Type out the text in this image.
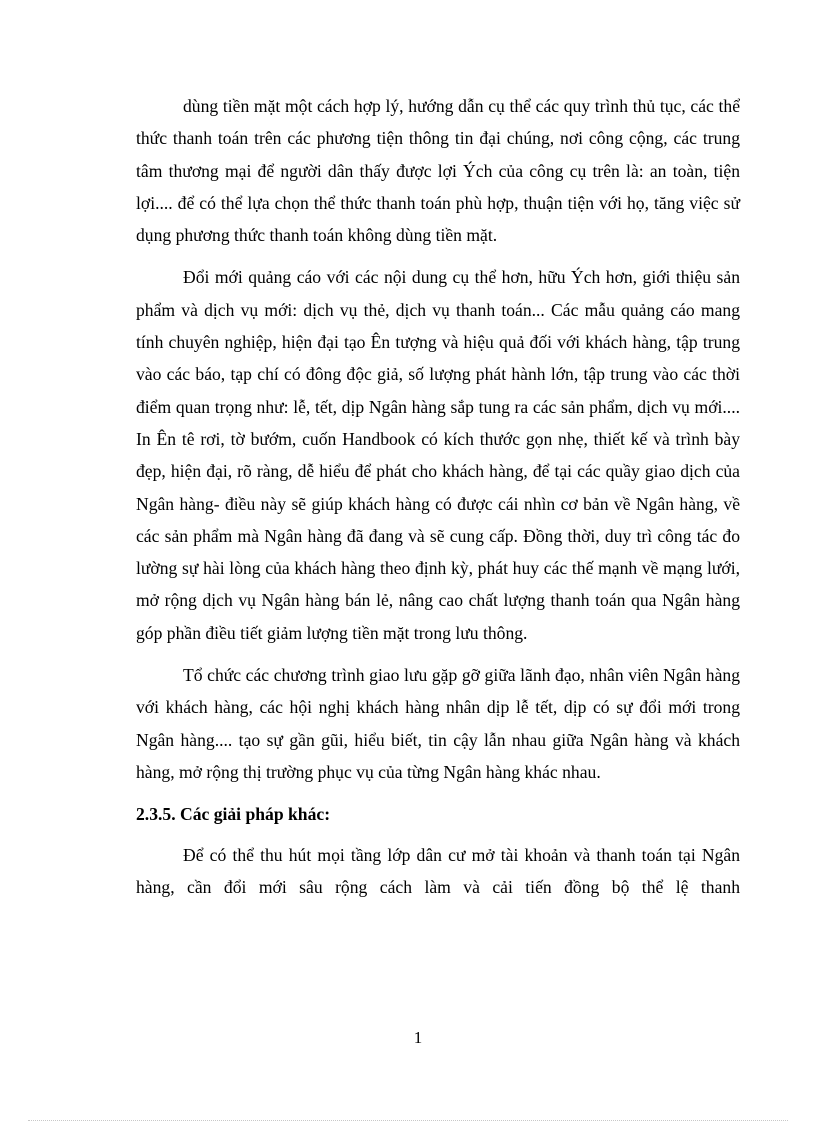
dùng tiền mặt một cách hợp lý, hướng dẫn cụ thể các quy trình thủ tục, các thể thức thanh toán trên các phương tiện thông tin đại chúng, nơi công cộng, các trung tâm thương mại để người dân thấy được lợi Ých của công cụ trên là: an toàn, tiện lợi.... để có thể lựa chọn thể thức thanh toán phù hợp, thuận tiện với họ, tăng việc sử dụng phương thức thanh toán không dùng tiền mặt.

Đổi mới quảng cáo với các nội dung cụ thể hơn, hữu Ých hơn, giới thiệu sản phẩm và dịch vụ mới: dịch vụ thẻ, dịch vụ thanh toán... Các mẫu quảng cáo mang tính chuyên nghiệp, hiện đại tạo Ên tượng và hiệu quả đối với khách hàng, tập trung vào các báo, tạp chí có đông độc giả, số lượng phát hành lớn, tập trung vào các thời điểm quan trọng như: lễ, tết, dịp Ngân hàng sắp tung ra các sản phẩm, dịch vụ mới.... In Ên tê rơi, tờ bướm, cuốn Handbook có kích thước gọn nhẹ, thiết kế và trình bày đẹp, hiện đại, rõ ràng, dễ hiểu để phát cho khách hàng, để tại các quầy giao dịch của Ngân hàng- điều này sẽ giúp khách hàng có được cái nhìn cơ bản về Ngân hàng, về các sản phẩm mà Ngân hàng đã đang và sẽ cung cấp. Đồng thời, duy trì công tác đo lường sự hài lòng của khách hàng theo định kỳ, phát huy các thế mạnh về mạng lưới, mở rộng dịch vụ Ngân hàng bán lẻ, nâng cao chất lượng thanh toán qua Ngân hàng góp phần điều tiết giảm lượng tiền mặt trong lưu thông.

Tổ chức các chương trình giao lưu gặp gỡ giữa lãnh đạo, nhân viên Ngân hàng với khách hàng, các hội nghị khách hàng nhân dịp lễ tết, dịp có sự đổi mới trong Ngân hàng.... tạo sự gần gũi, hiểu biết, tin cậy lẫn nhau giữa Ngân hàng và khách hàng, mở rộng thị trường phục vụ của từng Ngân hàng khác nhau.

2.3.5. Các giải pháp khác:

Để có thể thu hút mọi tầng lớp dân cư mở tài khoản và thanh toán tại Ngân hàng, cần đổi mới sâu rộng cách làm và cải tiến đồng bộ thể lệ thanh

1
